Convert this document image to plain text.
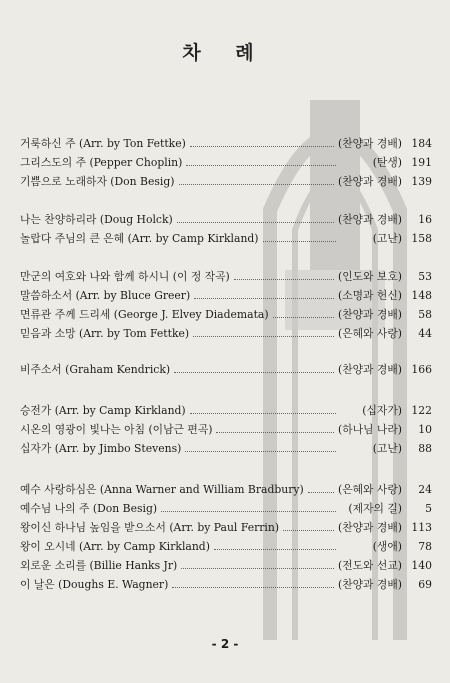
차 례
거룩하신 주 (Arr. by Ton Fettke)	(찬양과 경배) 184
그리스도의 주 (Pepper Choplin)	(탄생) 191
기쁨으로 노래하자 (Don Besig)	(찬양과 경배) 139
나는 찬양하리라 (Doug Holck)	(찬양과 경배)	16
놀랍다 주님의 큰 은혜 (Arr. by Camp Kirkland)	(고난) 158
만군의 여호와 나와 함께 하시니 (이 정 작곡)	(인도와 보호)	53
말씀하소서 (Arr. by Bluce Greer)	(소명과 헌신) 148
면류관 주께 드리세 (George J. Elvey Diademata)	(찬양과 경배)	58
믿음과 소망 (Arr. by Tom Fettke)	(은혜와 사랑)	44
비주소서 (Graham Kendrick)	(찬양과 경배) 166
승전가 (Arr. by Camp Kirkland)	(십자가) 122
시온의 영광이 빛나는 아침 (이남근 편곡)	(하나님 나라)	10
십자가 (Arr. by Jimbo Stevens)	(고난)	88
예수 사랑하심은 (Anna Warner and William Bradbury)	(은혜와 사랑)	24
예수님 나의 주 (Don Besig)	(제자의 길)	5
왕이신 하나님 높임을 받으소서 (Arr. by Paul Ferrin)	(찬양과 경배) 113
왕이 오시네 (Arr. by Camp Kirkland)	(생애)	78
외로운 소리를 (Billie Hanks Jr)	(전도와 선교) 140
이 날은 (Doughs E. Wagner)	(찬양과 경배)	69
- 2 -
